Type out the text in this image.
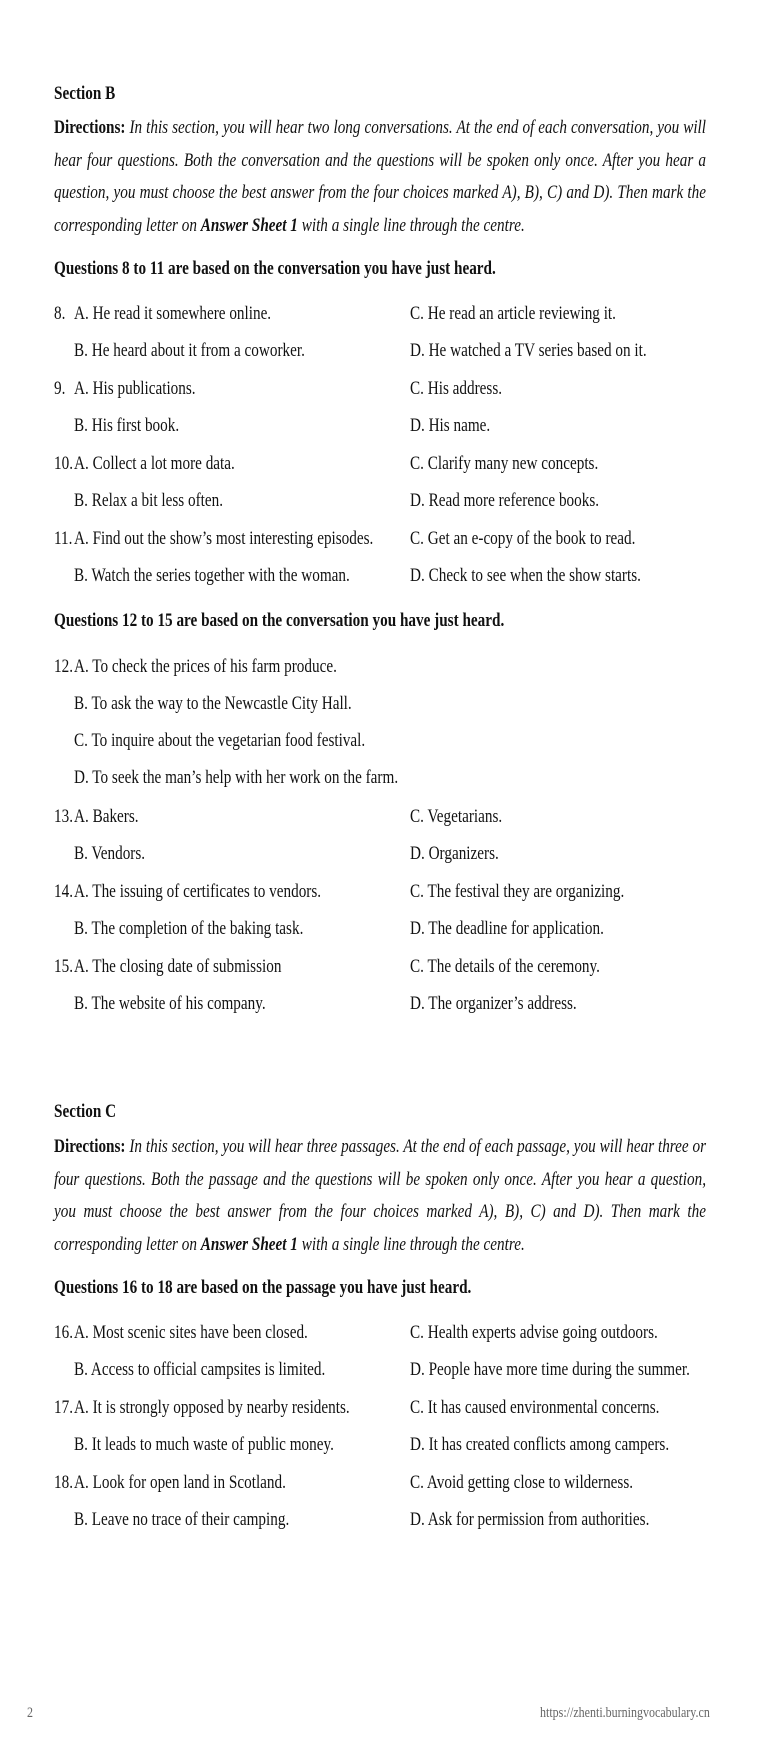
Section B
Directions: In this section, you will hear two long conversations. At the end of each conversation, you will hear four questions. Both the conversation and the questions will be spoken only once. After you hear a question, you must choose the best answer from the four choices marked A), B), C) and D). Then mark the corresponding letter on Answer Sheet 1 with a single line through the centre.
Questions 8 to 11 are based on the conversation you have just heard.
8. A. He read it somewhere online.	C. He read an article reviewing it.
B. He heard about it from a coworker.	D. He watched a TV series based on it.
9. A. His publications.	C. His address.
B. His first book.	D. His name.
10. A. Collect a lot more data.	C. Clarify many new concepts.
B. Relax a bit less often.	D. Read more reference books.
11. A. Find out the show’s most interesting episodes. C. Get an e-copy of the book to read.
B. Watch the series together with the woman.	D. Check to see when the show starts.
Questions 12 to 15 are based on the conversation you have just heard.
12. A. To check the prices of his farm produce.
B. To ask the way to the Newcastle City Hall.
C. To inquire about the vegetarian food festival.
D. To seek the man’s help with her work on the farm.
13. A. Bakers.	C. Vegetarians.
B. Vendors.	D. Organizers.
14. A. The issuing of certificates to vendors.	C. The festival they are organizing.
B. The completion of the baking task.	D. The deadline for application.
15. A. The closing date of submission	C. The details of the ceremony.
B. The website of his company.	D. The organizer’s address.
Section C
Directions: In this section, you will hear three passages. At the end of each passage, you will hear three or four questions. Both the passage and the questions will be spoken only once. After you hear a question, you must choose the best answer from the four choices marked A), B), C) and D). Then mark the corresponding letter on Answer Sheet 1 with a single line through the centre.
Questions 16 to 18 are based on the passage you have just heard.
16. A. Most scenic sites have been closed.	C. Health experts advise going outdoors.
B. Access to official campsites is limited.	D. People have more time during the summer.
17. A. It is strongly opposed by nearby residents.	C. It has caused environmental concerns.
B. It leads to much waste of public money.	D. It has created conflicts among campers.
18. A. Look for open land in Scotland.	C. Avoid getting close to wilderness.
B. Leave no trace of their camping.	D. Ask for permission from authorities.
2	https://zhenti.burningvocabulary.cn
